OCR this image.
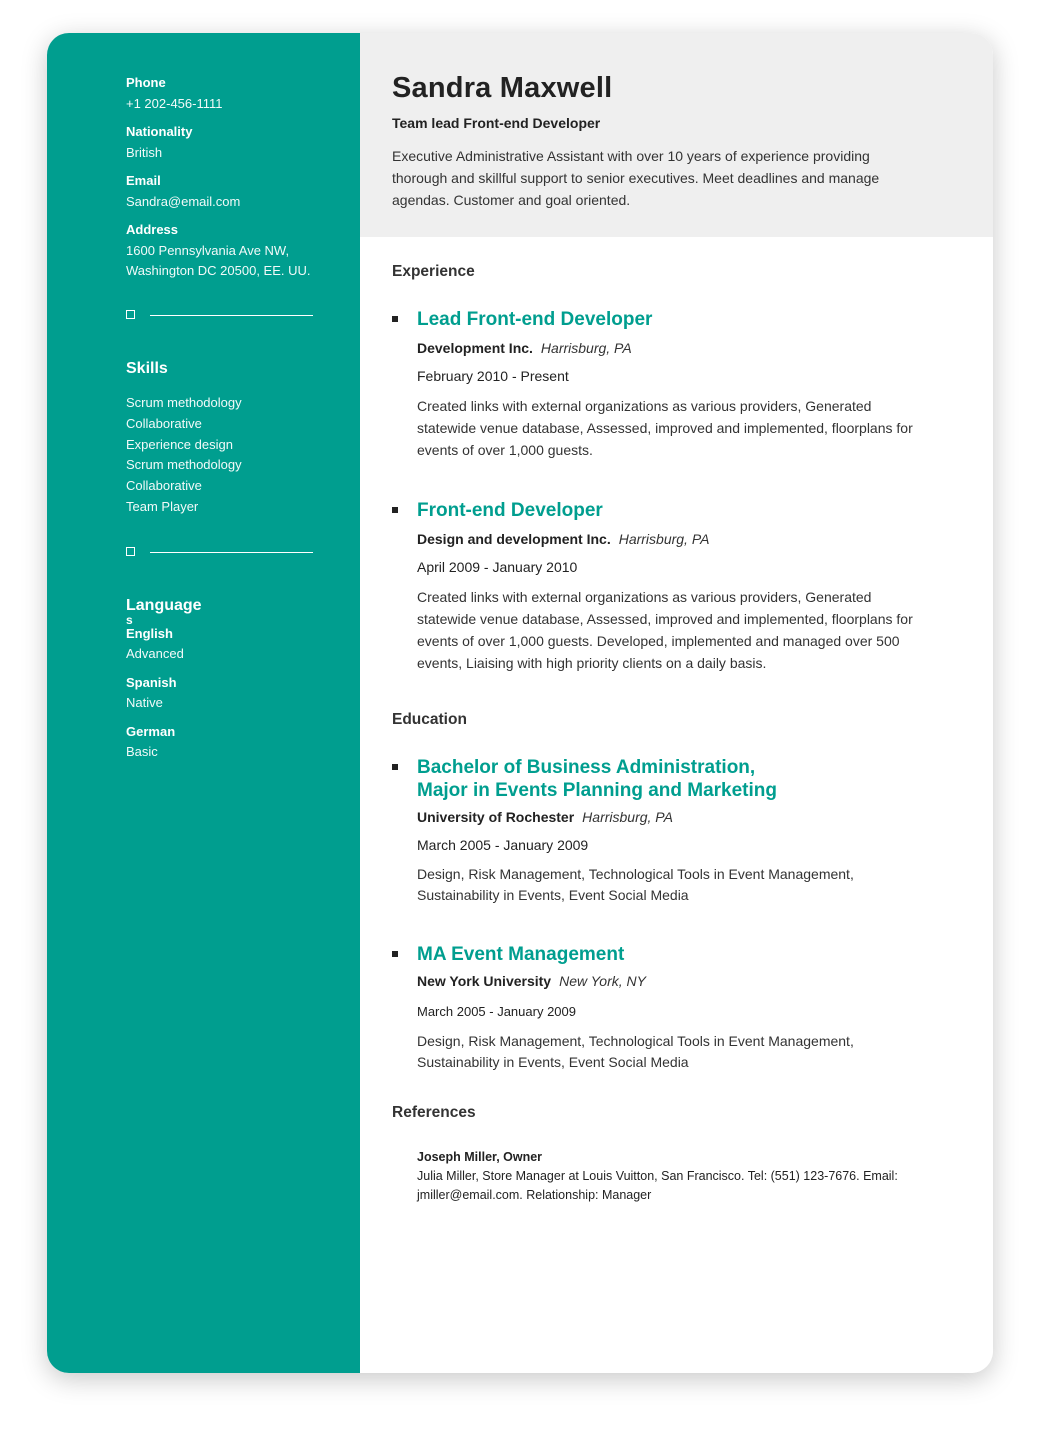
Phone

+1 202-456-1111

Nationality

British

Email

Sandra@email.com

Address

1600 Pennsylvania Ave NW, Washington DC 20500, EE. UU.

Skills

Scrum methodology

Collaborative

Experience design

Scrum methodology

Collaborative

Team Player

Language

s

English

Advanced

Spanish

Native

German

Basic

Sandra Maxwell

Team lead Front-end Developer

Executive Administrative Assistant with over 10 years of experience providing thorough and skillful support to senior executives. Meet deadlines and manage agendas. Customer and goal oriented.

Experience

Lead Front-end Developer

Development Inc. Harrisburg, PA

February 2010 - Present

Created links with external organizations as various providers, Generated statewide venue database, Assessed, improved and implemented, floorplans for events of over 1,000 guests.

Front-end Developer

Design and development Inc. Harrisburg, PA

April 2009 - January 2010

Created links with external organizations as various providers, Generated statewide venue database, Assessed, improved and implemented, floorplans for events of over 1,000 guests. Developed, implemented and managed over 500 events, Liaising with high priority clients on a daily basis.

Education

Bachelor of Business Administration,

Major in Events Planning and Marketing

University of Rochester Harrisburg, PA

March 2005 - January 2009

Design, Risk Management, Technological Tools in Event Management, Sustainability in Events, Event Social Media

MA Event Management

New York University New York, NY

March 2005 - January 2009

Design, Risk Management, Technological Tools in Event Management, Sustainability in Events, Event Social Media

References

Joseph Miller, Owner

Julia Miller, Store Manager at Louis Vuitton, San Francisco. Tel: (551) 123-7676. Email: jmiller@email.com. Relationship: Manager
